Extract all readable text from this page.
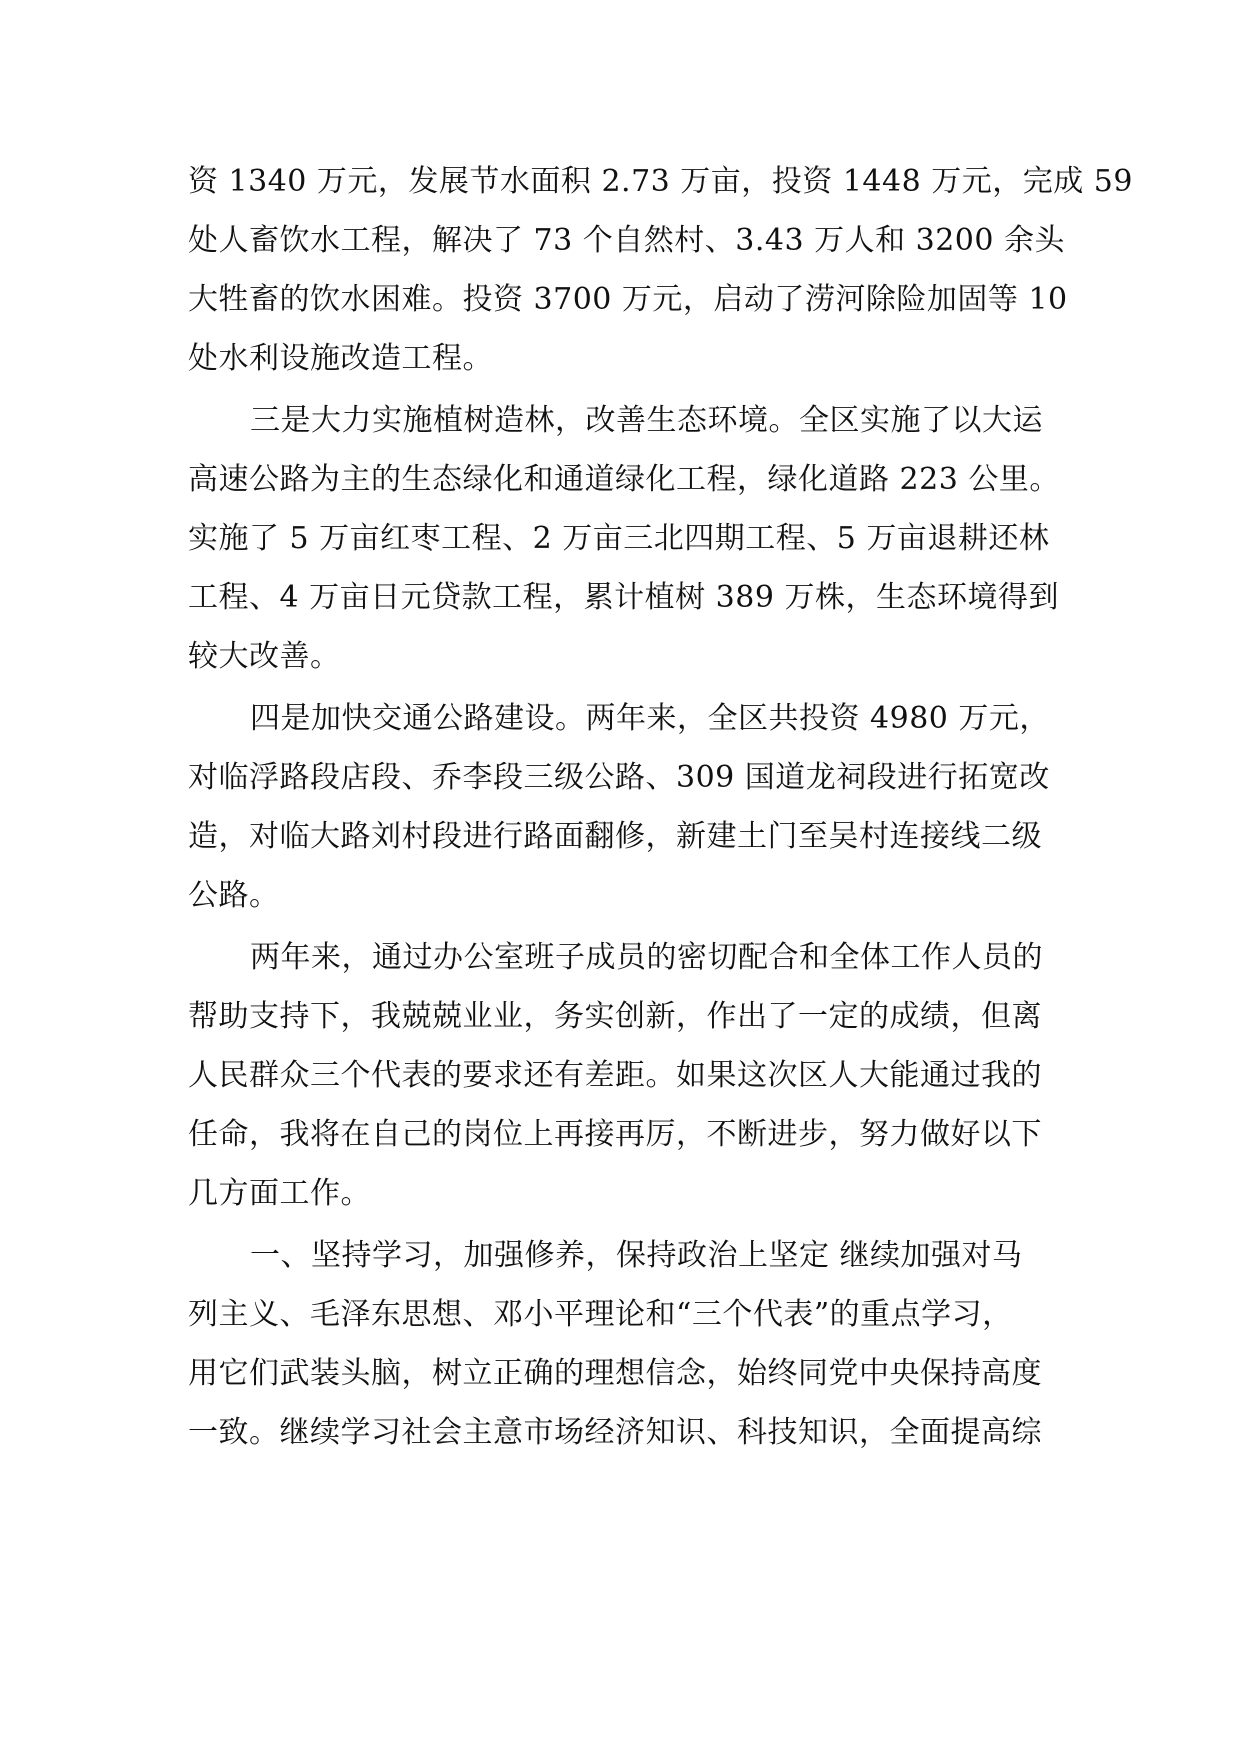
资 1340 万元，发展节水面积 2.73 万亩，投资 1448 万元，完成 59
处人畜饮水工程，解决了 73 个自然村、3.43 万人和 3200 余头
大牲畜的饮水困难。投资 3700 万元，启动了涝河除险加固等 10
处水利设施改造工程。
三是大力实施植树造林，改善生态环境。全区实施了以大运
高速公路为主的生态绿化和通道绿化工程，绿化道路 223 公里。
实施了 5 万亩红枣工程、2 万亩三北四期工程、5 万亩退耕还林
工程、4 万亩日元贷款工程，累计植树 389 万株，生态环境得到
较大改善。
四是加快交通公路建设。两年来，全区共投资 4980 万元，
对临浮路段店段、乔李段三级公路、309 国道龙祠段进行拓宽改
造，对临大路刘村段进行路面翻修，新建土门至吴村连接线二级
公路。
两年来，通过办公室班子成员的密切配合和全体工作人员的
帮助支持下，我兢兢业业，务实创新，作出了一定的成绩，但离
人民群众三个代表的要求还有差距。如果这次区人大能通过我的
任命，我将在自己的岗位上再接再厉，不断进步，努力做好以下
几方面工作。
一、坚持学习，加强修养，保持政治上坚定 继续加强对马
列主义、毛泽东思想、邓小平理论和“三个代表”的重点学习，
用它们武装头脑，树立正确的理想信念，始终同党中央保持高度
一致。继续学习社会主意市场经济知识、科技知识，全面提高综
